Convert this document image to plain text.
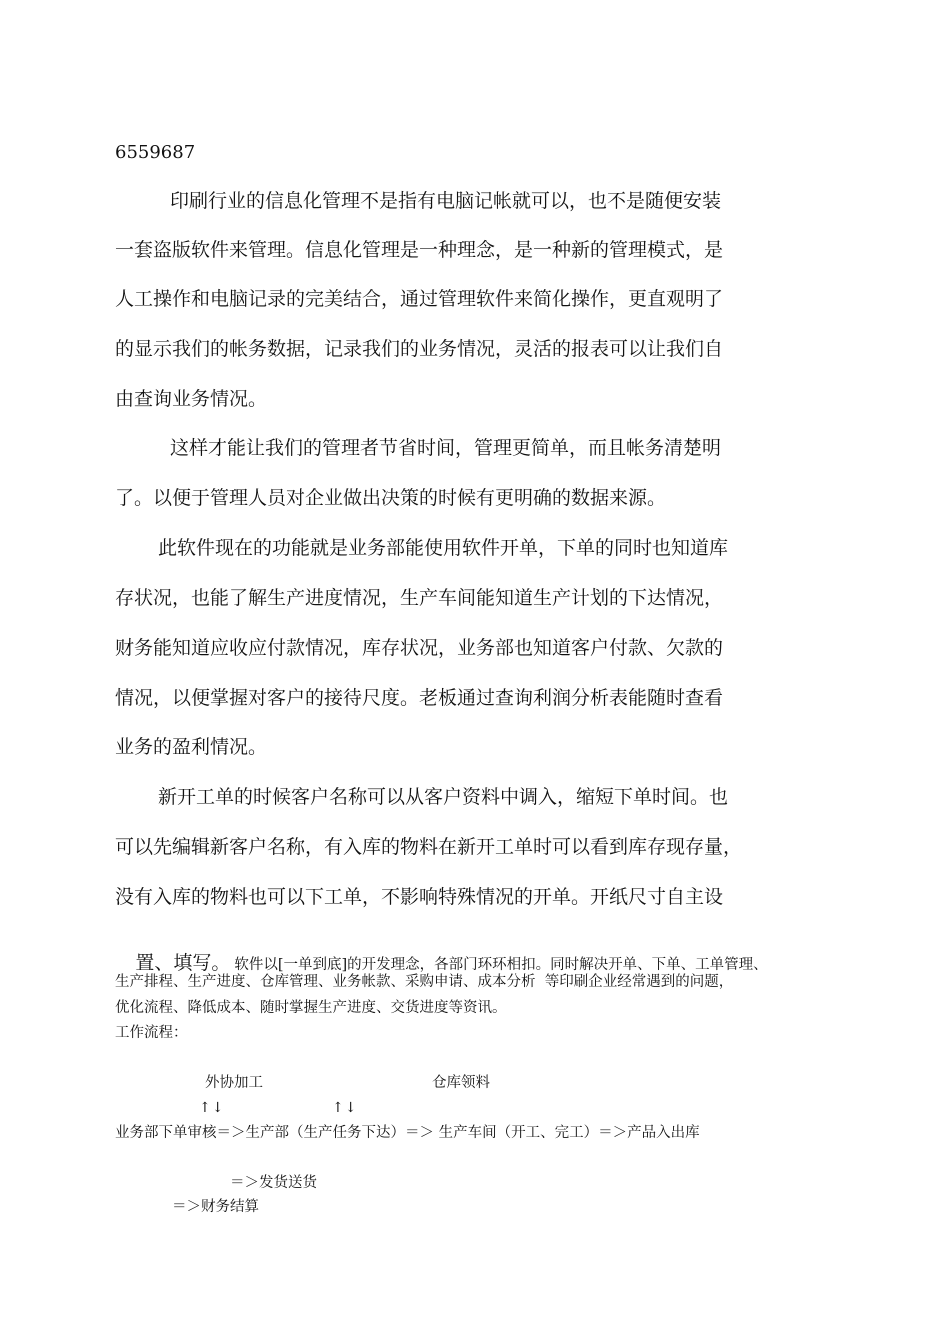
6559687
印刷行业的信息化管理不是指有电脑记帐就可以，也不是随便安装
一套盗版软件来管理。信息化管理是一种理念，是一种新的管理模式，是
人工操作和电脑记录的完美结合，通过管理软件来简化操作，更直观明了
的显示我们的帐务数据，记录我们的业务情况，灵活的报表可以让我们自
由查询业务情况。
这样才能让我们的管理者节省时间，管理更简单，而且帐务清楚明
了。以便于管理人员对企业做出决策的时候有更明确的数据来源。
此软件现在的功能就是业务部能使用软件开单，下单的同时也知道库
存状况，也能了解生产进度情况，生产车间能知道生产计划的下达情况，
财务能知道应收应付款情况，库存状况，业务部也知道客户付款、欠款的
情况，以便掌握对客户的接待尺度。老板通过查询利润分析表能随时查看
业务的盈利情况。
新开工单的时候客户名称可以从客户资料中调入，缩短下单时间。也
可以先编辑新客户名称，有入库的物料在新开工单时可以看到库存现存量，
没有入库的物料也可以下工单，不影响特殊情况的开单。开纸尺寸自主设

置、填写。 软件以[一单到底]的开发理念，各部门环环相扣。同时解决开单、下单、工单管理、

生产排程、生产进度、仓库管理、业务帐款、采购申请、成本分析  等印刷企业经常遇到的问题，
优化流程、降低成本、随时掌握生产进度、交货进度等资讯。
工作流程：
外协加工	仓库领料
↑↓	↑↓
业务部下单审核＝＞生产部（生产任务下达）＝＞ 生产车间（开工、完工）＝＞产品入出库
＝＞发货送货
＝＞财务结算
